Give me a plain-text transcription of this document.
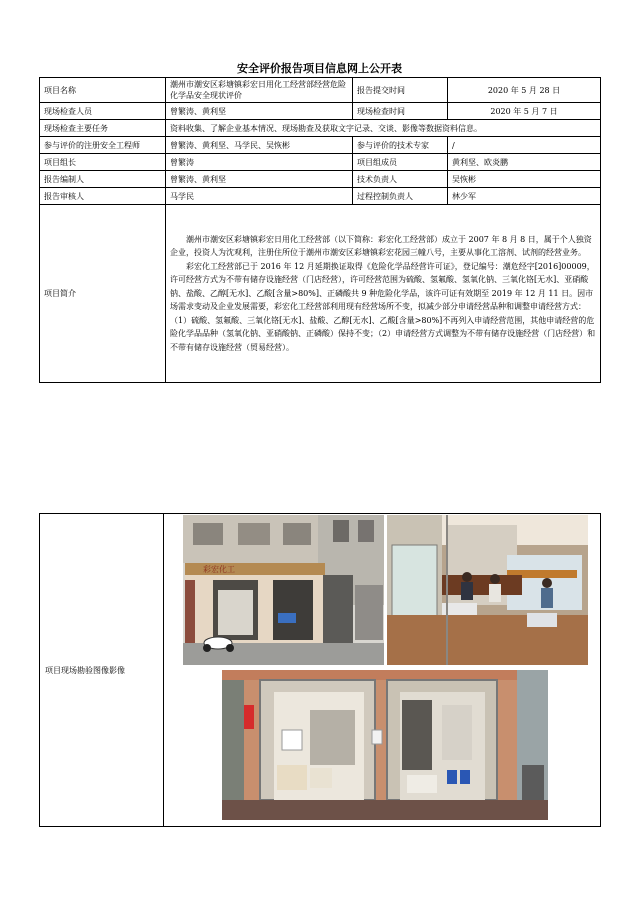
安全评价报告项目信息网上公开表
项目名称	潮州市潮安区彩塘镇彩宏日用化工经营部经营危险化学品安全现状评价	报告提交时间	2020 年 5 月 28 日
现场检查人员	曾繁涛、黄利坚	现场检查时间	2020 年 5 月 7 日
现场检查主要任务	资料收集、了解企业基本情况、现场勘查及获取文字记录、交谈、影像等数据资料信息。		
参与评价的注册安全工程师	曾繁涛、黄利坚、马学民、吴恢彬	参与评价的技术专家	/
项目组长	曾繁涛	项目组成员	黄利坚、欧炎鹏
报告编制人	曾繁涛、黄利坚	技术负责人	吴恢彬
报告审核人	马学民	过程控制负责人	林少军
项目简介	潮州市潮安区彩塘镇彩宏日用化工经营部（以下简称：彩宏化工经营部）成立于 2007 年 8 月 8 日，属于个人独资企业，投资人为沈观利，注册住所位于潮州市潮安区彩塘镇彩宏花园三幢八号，主要从事化工溶剂、试剂的经营业务。

彩宏化工经营部已于 2016 年 12 月延期换证取得《危险化学品经营许可证》，登记编号：潮危经字[2016]00009，许可经营方式为不带有储存设施经营（门店经营），许可经营范围为硫酸、氢氟酸、氢氧化钠、三氧化铬[无水]、亚硝酸钠、盐酸、乙醇[无水]、乙酸[含量>80%]、正磷酸共 9 种危险化学品，该许可证有效期至 2019 年 12 月 11 日。因市场需求变动及企业发展需要，彩宏化工经营部利用现有经营场所不变，拟减少部分申请经营品种和调整申请经营方式：（1）硫酸、氢氟酸、三氧化铬[无水]、盐酸、乙醇[无水]、乙酸[含量>80%]不再列入申请经营范围，其他申请经营的危险化学品品种（氢氧化钠、亚硝酸钠、正磷酸）保持不变；（2）申请经营方式调整为不带有储存设施经营（门店经营）和不带有储存设施经营（贸易经营）。		

项目现场勘验图像影像	
彩宏化工
